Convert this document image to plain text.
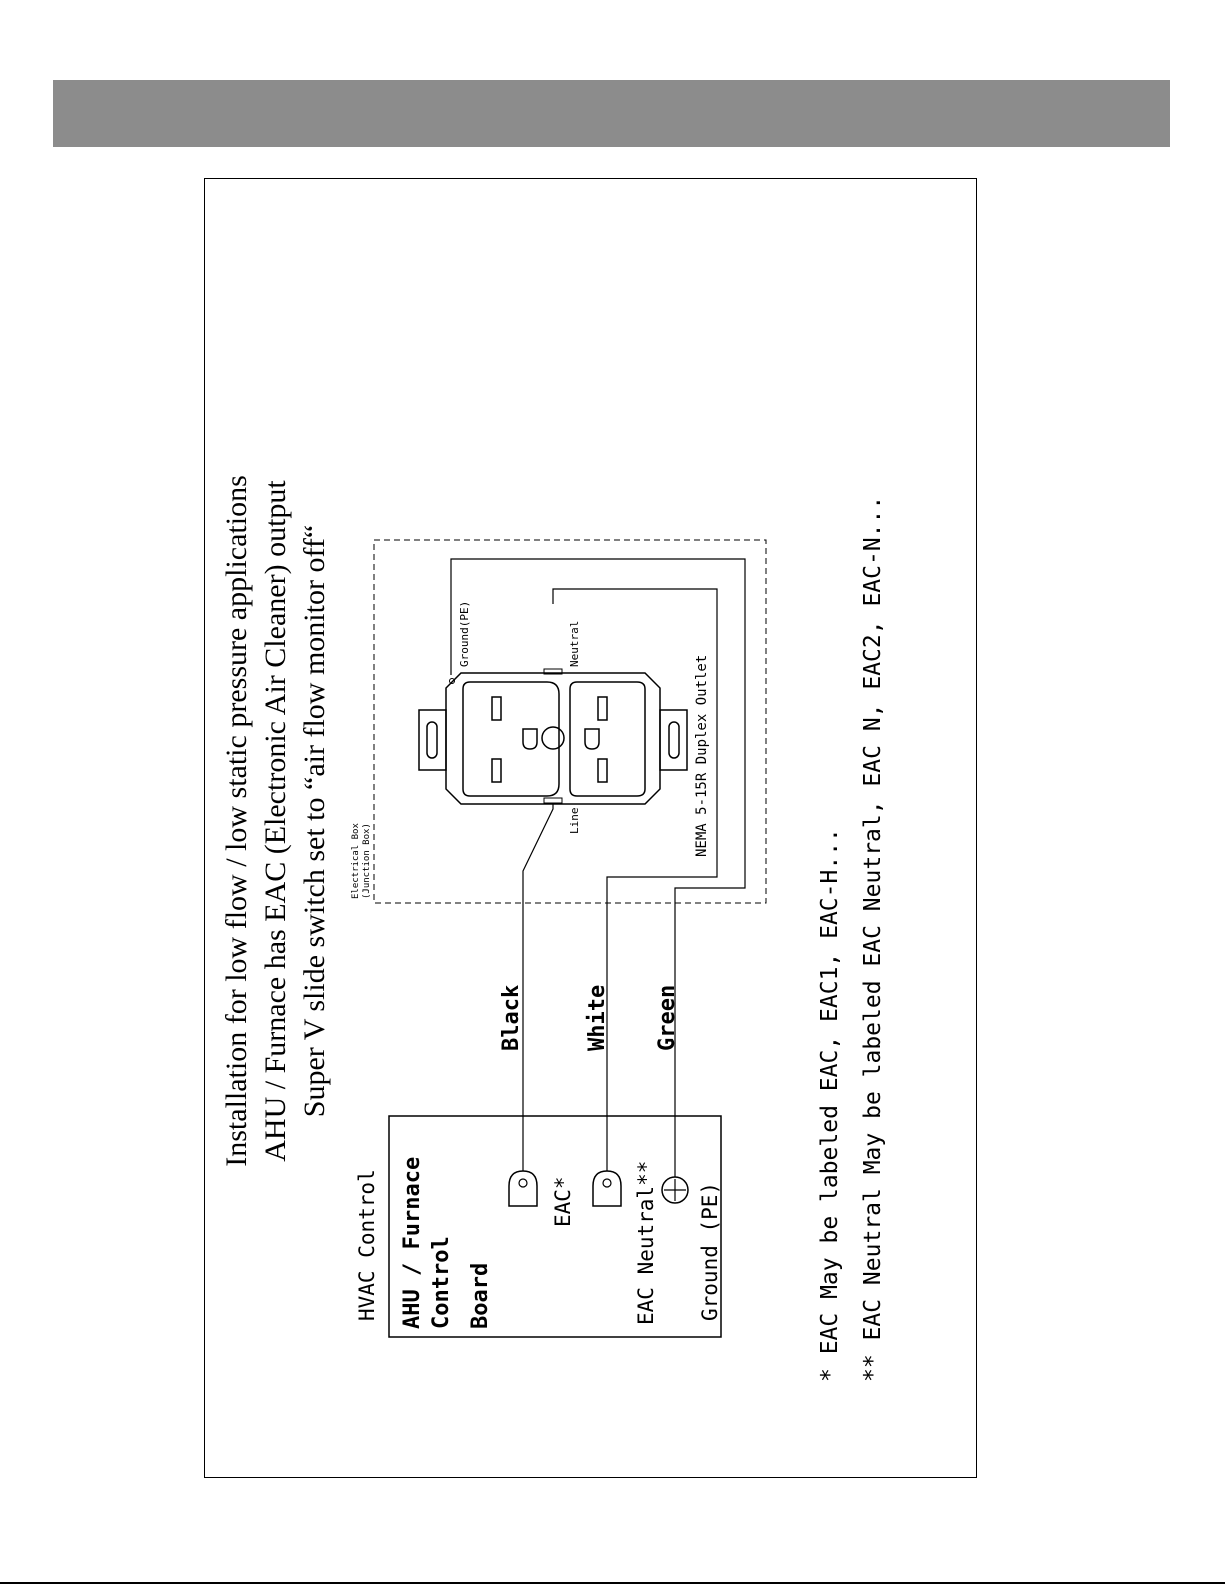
Installation for low flow / low static pressure applications AHU / Furnace has EAC (Electronic Air Cleaner) output Super V slide switch set to “air flow monitor off“
HVAC Control AHU / Furnace Control Board
EAC*	EAC Neutral** Ground (PE)
Black	White Green
Electrical Box (Junction Box)
Line
Neutral
Ground(PE)
NEMA 5-15R Duplex Outlet
* EAC May be labeled EAC, EAC1, EAC-H... ** EAC Neutral May be labeled EAC Neutral, EAC N, EAC2, EAC-N...
